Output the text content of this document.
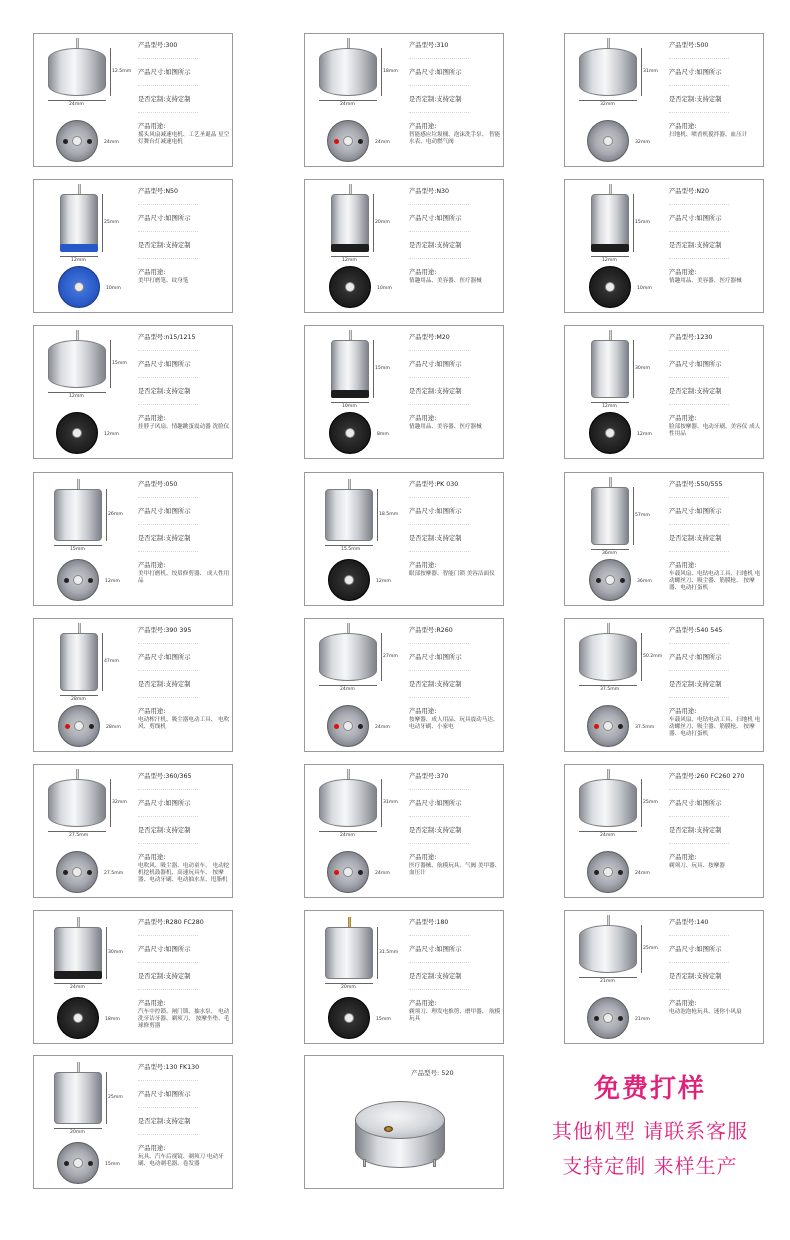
24mm
12.5mm
24mm
产品型号:300
产品尺寸:如图所示
是否定制:支持定制
产品用途:
摇头风扇减速电机、工艺圣诞品 星空灯舞台灯减速电机
24mm
18mm
24mm
产品型号:310
产品尺寸:如图所示
是否定制:支持定制
产品用途:
智能感应垃圾桶、泡沫洗手泵、 智能水表、电动燃气阀
32mm
31mm
32mm
产品型号:500
产品尺寸:如图所示
是否定制:支持定制
产品用途:
扫地机、喷香机搅拌器、血压计
12mm
25mm
10mm
产品型号:N50
产品尺寸:如图所示
是否定制:支持定制
产品用途:
美甲打磨笔、纹身笔
12mm
20mm
10mm
产品型号:N30
产品尺寸:如图所示
是否定制:支持定制
产品用途:
情趣用品、美容器、医疗器械
12mm
15mm
10mm
产品型号:N20
产品尺寸:如图所示
是否定制:支持定制
产品用途:
情趣用品、美容器、医疗器械
12mm
15mm
12mm
产品型号:n15/1215
产品尺寸:如图所示
是否定制:支持定制
产品用途:
挂脖子风扇、情趣跳蛋震动器 洗脸仪
10mm
15mm
8mm
产品型号:M20
产品尺寸:如图所示
是否定制:支持定制
产品用途:
情趣用品、美容器、医疗器械
12mm
30mm
12mm
产品型号:1230
产品尺寸:如图所示
是否定制:支持定制
产品用途:
脸部按摩器、电动牙刷、美容仪 成人性用品
15mm
26mm
12mm
产品型号:050
产品尺寸:如图所示
是否定制:支持定制
产品用途:
美甲打磨机、绞眉修剪器、 成人性用品
15.5mm
18.5mm
12mm
产品型号:PK 030
产品尺寸:如图所示
是否定制:支持定制
产品用途:
眼部按摩器、智能门锁 美容洁面仪
36mm
57mm
36mm
产品型号:550/555
产品尺寸:如图所示
是否定制:支持定制
产品用途:
车载风扇、电钻电动工具、扫地机 电动螺丝刀、吸尘器、筋膜枪、 按摩器、电动打蛋机
28mm
47mm
28mm
产品型号:390 395
产品尺寸:如图所示
是否定制:支持定制
产品用途:
电动榨汁机、吸尘器电动工具、 电吹风、剪线机
24mm
27mm
24mm
产品型号:R260
产品尺寸:如图所示
是否定制:支持定制
产品用途:
按摩器、成人用品、玩具震动马达、 电动牙刷、小家电
37.5mm
50.2mm
37.5mm
产品型号:540 545
产品尺寸:如图所示
是否定制:支持定制
产品用途:
车载风扇、电钻电动工具、扫地机 电动螺丝刀、吸尘器、筋膜枪、 按摩器、电动打蛋机
27.5mm
32mm
27.5mm
产品型号:360/365
产品尺寸:如图所示
是否定制:支持定制
产品用途:
电吹风、吸尘器、电动童车、 电动挖机挖机鼓器机、高速玩具车、 按摩器、电动牙刷、电动抽水泵、甩脂机
24mm
31mm
24mm
产品型号:370
产品尺寸:如图所示
是否定制:支持定制
产品用途:
医疗器械、航模玩具、气阀 美甲器、血压计
24mm
25mm
24mm
产品型号:260 FC260 270
产品尺寸:如图所示
是否定制:支持定制
产品用途:
剃须刀、玩具、按摩器
24mm
30mm
18mm
产品型号:R280 FC280
产品尺寸:如图所示
是否定制:支持定制
产品用途:
汽车中控锁、闸门锁、抽水泵、 电动洗牙洁牙器、剃须刀、 按摩坐垫、毛球修剪器
20mm
31.5mm
15mm
产品型号:180
产品尺寸:如图所示
是否定制:支持定制
产品用途:
剃须刀、理发电推剪、磨甲器、 航模玩具
21mm
25mm
21mm
产品型号:140
产品尺寸:如图所示
是否定制:支持定制
产品用途:
电动泡泡枪玩具、迷你小风扇
20mm
25mm
15mm
产品型号:130 FK130
产品尺寸:如图所示
是否定制:支持定制
产品用途:
玩具、汽车后视镜、剃须刀 电动牙刷、电动剃毛器、卷发器
产品型号: 520
免费打样
其他机型 请联系客服
支持定制 来样生产
